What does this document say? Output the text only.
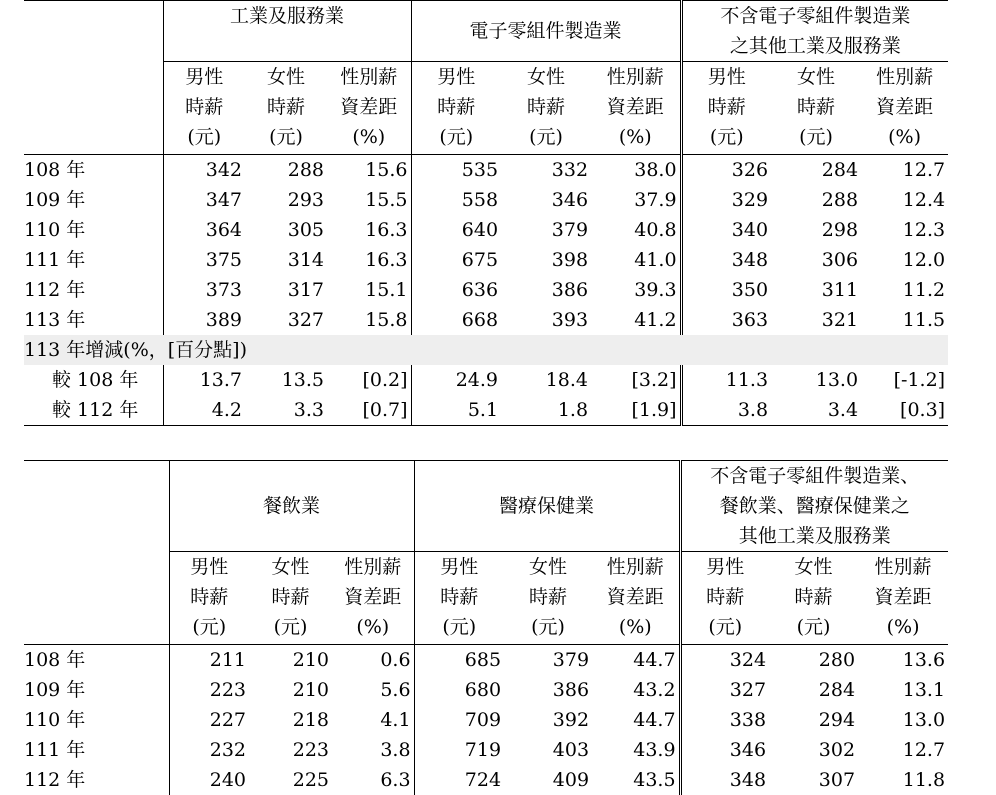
	工業及服務業			電子零組件製造業			不含電子零組件製造業
之其他工業及服務業		
	男性
時薪
(元)	女性
時薪
(元)	性別薪
資差距
(%)	男性
時薪
(元)	女性
時薪
(元)	性別薪
資差距
(%)	男性
時薪
(元)	女性
時薪
(元)	性別薪
資差距
(%)
108 年	342	288	15.6	535	332	38.0	326	284	12.7
109 年	347	293	15.5	558	346	37.9	329	288	12.4
110 年	364	305	16.3	640	379	40.8	340	298	12.3
111 年	375	314	16.3	675	398	41.0	348	306	12.0
112 年	373	317	15.1	636	386	39.3	350	311	11.2
113 年	389	327	15.8	668	393	41.2	363	321	11.5
113 年增減(%，[百分點])									
較 108 年	13.7	13.5	[0.2]	24.9	18.4	[3.2]	11.3	13.0	[-1.2]
較 112 年	4.2	3.3	[0.7]	5.1	1.8	[1.9]	3.8	3.4	[0.3]
	餐飲業			醫療保健業			不含電子零組件製造業、
餐飲業、醫療保健業之
其他工業及服務業		
	男性
時薪
(元)	女性
時薪
(元)	性別薪
資差距
(%)	男性
時薪
(元)	女性
時薪
(元)	性別薪
資差距
(%)	男性
時薪
(元)	女性
時薪
(元)	性別薪
資差距
(%)
108 年	211	210	0.6	685	379	44.7	324	280	13.6
109 年	223	210	5.6	680	386	43.2	327	284	13.1
110 年	227	218	4.1	709	392	44.7	338	294	13.0
111 年	232	223	3.8	719	403	43.9	346	302	12.7
112 年	240	225	6.3	724	409	43.5	348	307	11.8
